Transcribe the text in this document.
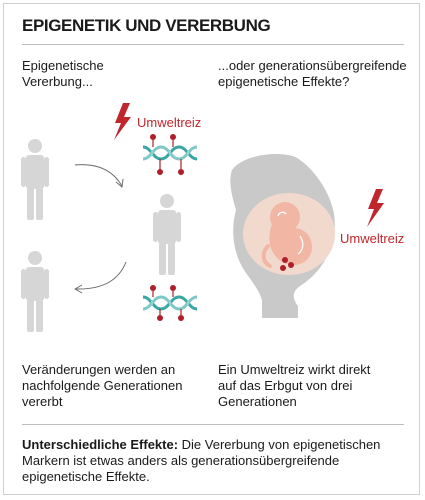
EPIGENETIK UND VERERBUNG

Epigenetische

Vererbung...

...oder generationsübergreifende

epigenetische Effekte?

Umweltreiz

Umweltreiz

Veränderungen werden an

nachfolgende Generationen

vererbt

Ein Umweltreiz wirkt direkt

auf das Erbgut von drei

Generationen

Unterschiedliche Effekte: Die Vererbung von epigenetischen
Markern ist etwas anders als generationsübergreifende
epigenetische Effekte.
